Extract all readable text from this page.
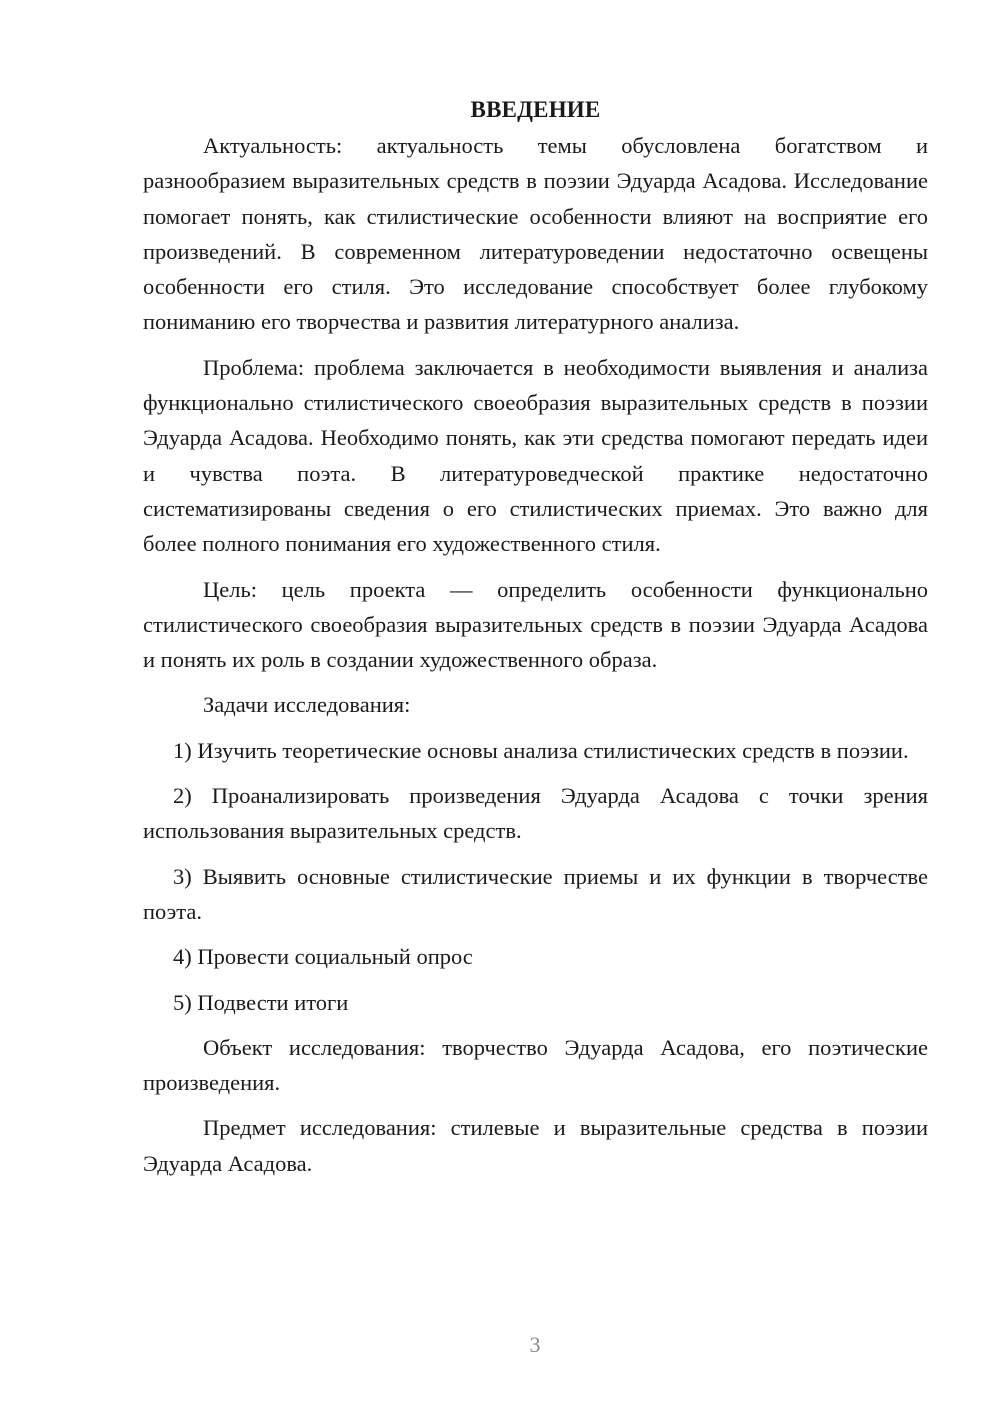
ВВЕДЕНИЕ

Актуальность: актуальность темы обусловлена богатством и разнообразием выразительных средств в поэзии Эдуарда Асадова. Исследование помогает понять, как стилистические особенности влияют на восприятие его произведений. В современном литературоведении недостаточно освещены особенности его стиля. Это исследование способствует более глубокому пониманию его творчества и развития литературного анализа.

Проблема: проблема заключается в необходимости выявления и анализа функционально стилистического своеобразия выразительных средств в поэзии Эдуарда Асадова. Необходимо понять, как эти средства помогают передать идеи и чувства поэта. В литературоведческой практике недостаточно систематизированы сведения о его стилистических приемах. Это важно для более полного понимания его художественного стиля.

Цель: цель проекта — определить особенности функционально стилистического своеобразия выразительных средств в поэзии Эдуарда Асадова и понять их роль в создании художественного образа.

Задачи исследования:

1) Изучить теоретические основы анализа стилистических средств в поэзии.
2) Проанализировать произведения Эдуарда Асадова с точки зрения использования выразительных средств.
3) Выявить основные стилистические приемы и их функции в творчестве поэта.
4) Провести социальный опрос
5) Подвести итоги

Объект исследования: творчество Эдуарда Асадова, его поэтические произведения.

Предмет исследования: стилевые и выразительные средства в поэзии Эдуарда Асадова.

3
